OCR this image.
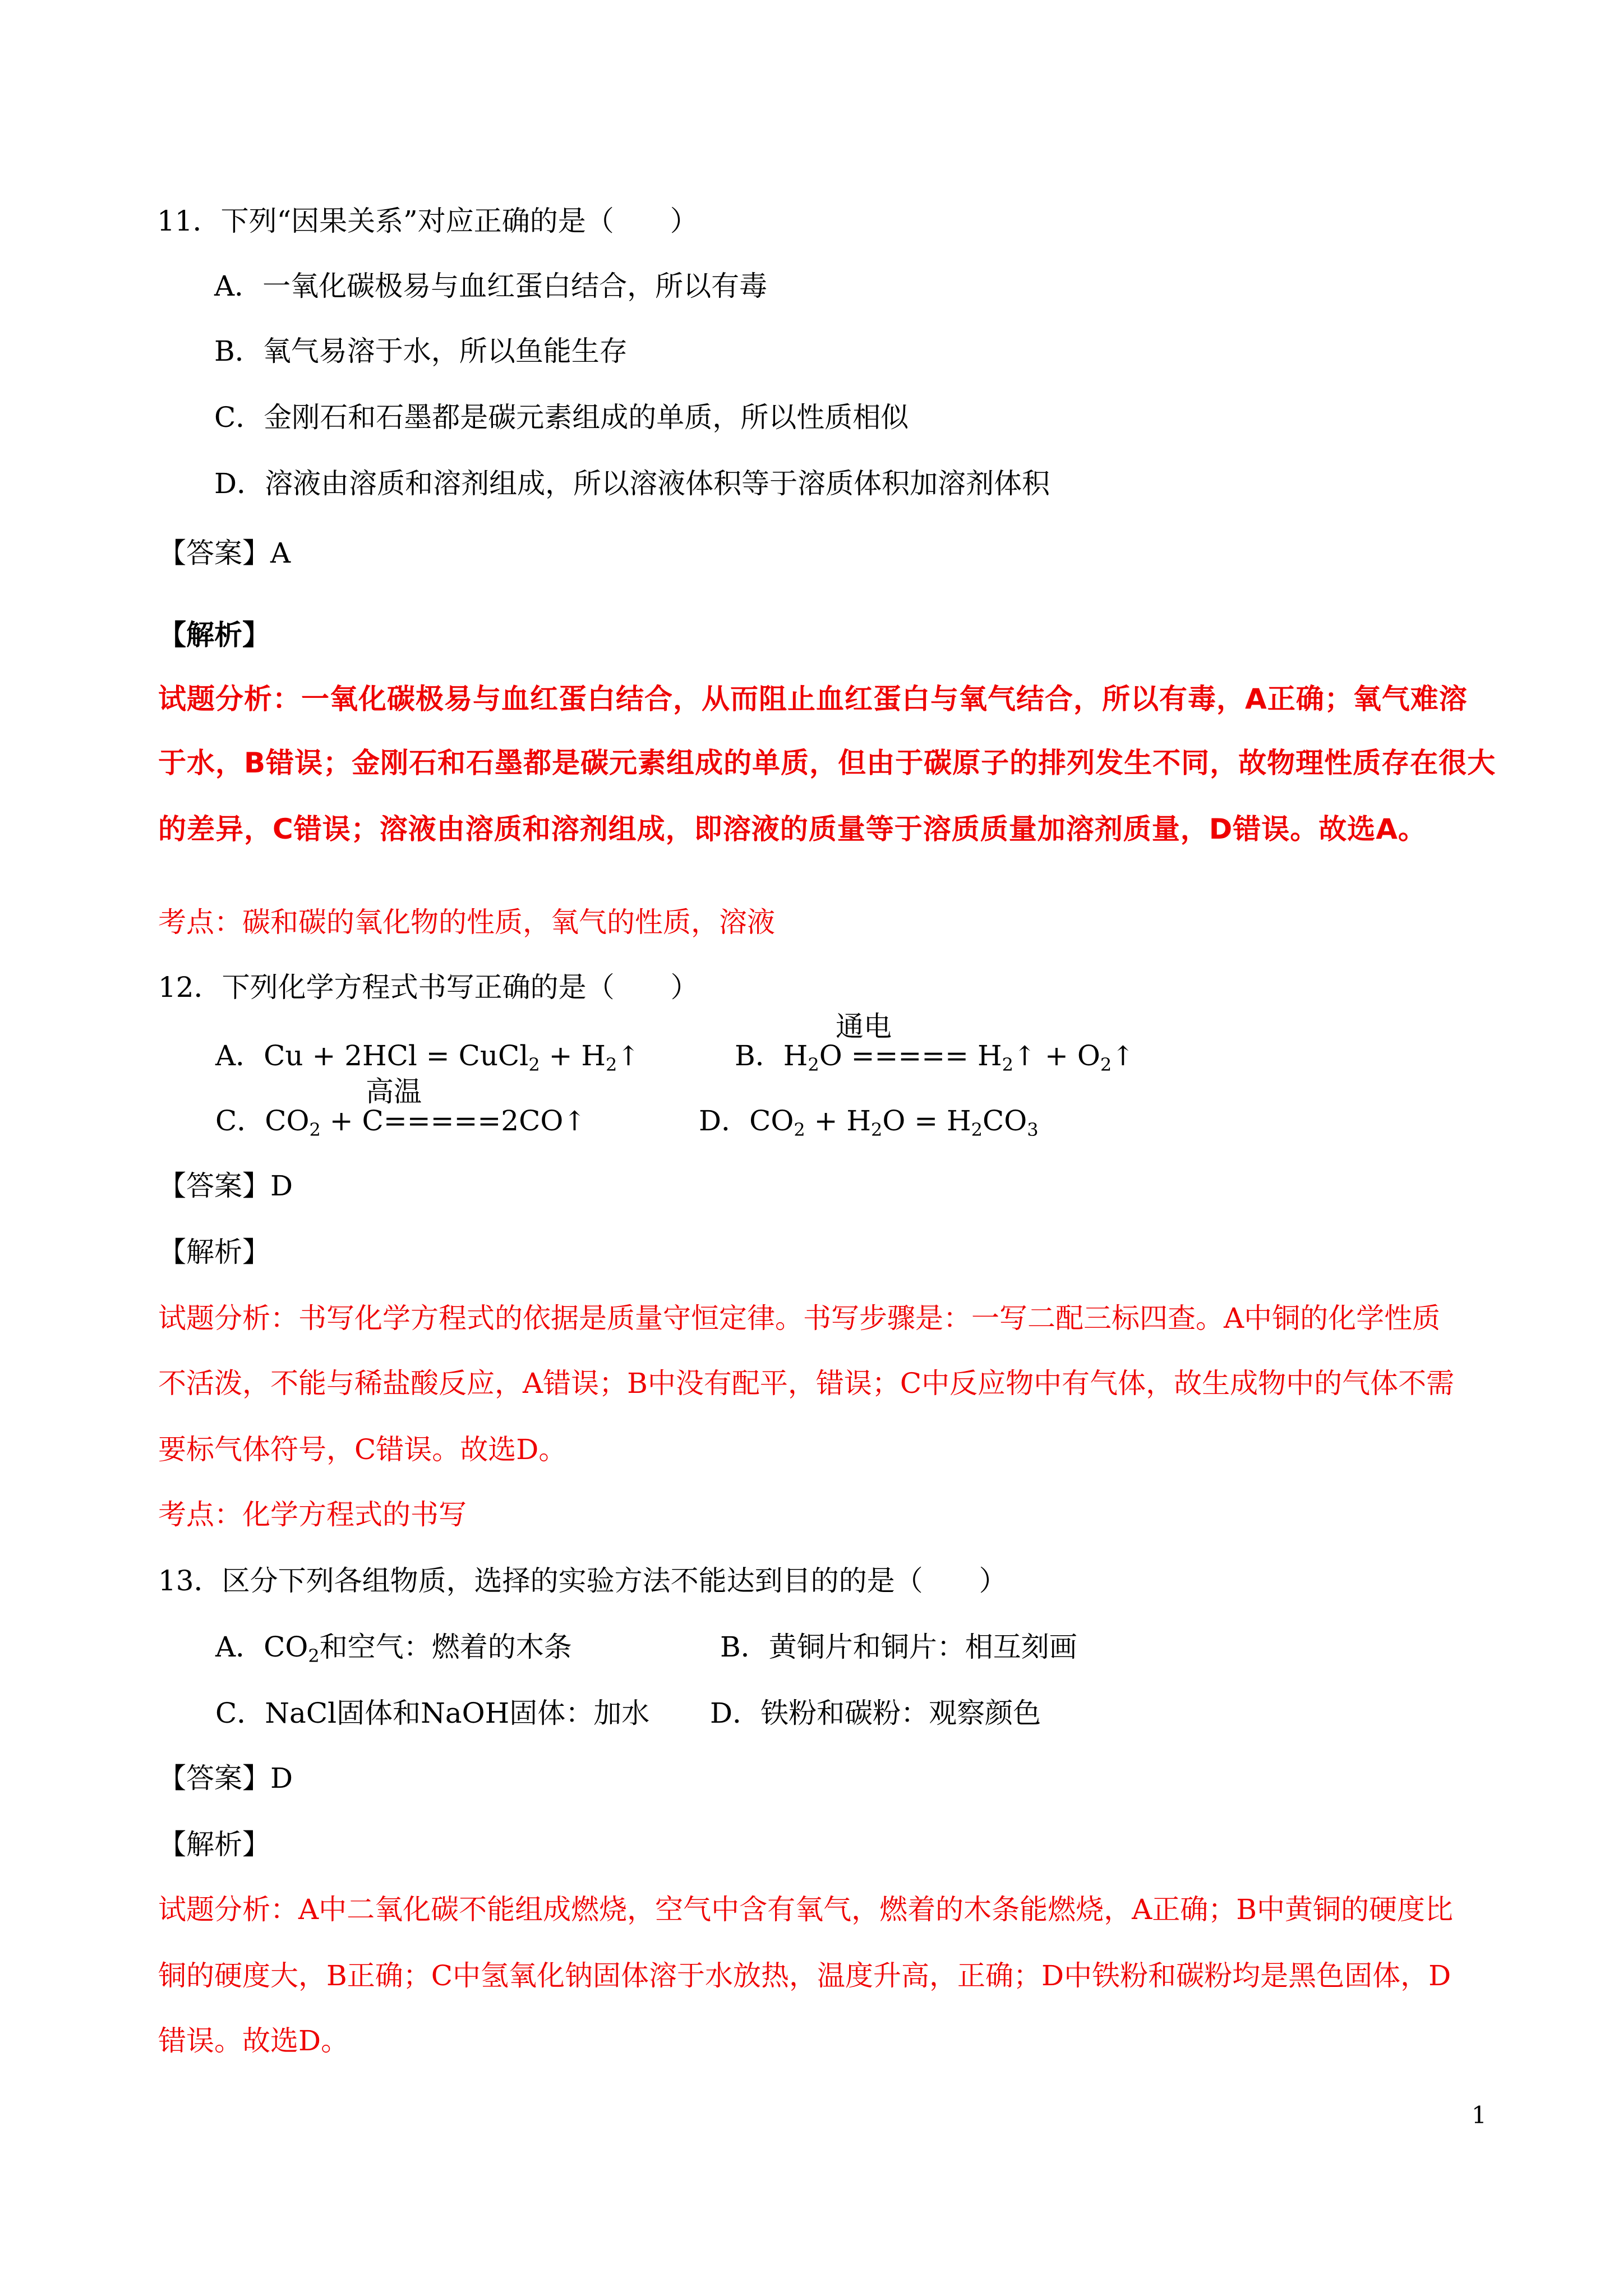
11．下列“因果关系”对应正确的是（　　）
A．一氧化碳极易与血红蛋白结合，所以有毒
B．氧气易溶于水，所以鱼能生存
C．金刚石和石墨都是碳元素组成的单质，所以性质相似
D．溶液由溶质和溶剂组成，所以溶液体积等于溶质体积加溶剂体积
【答案】A
【解析】
试题分析：一氧化碳极易与血红蛋白结合，从而阻止血红蛋白与氧气结合，所以有毒，A正确；氧气难溶
于水，B错误；金刚石和石墨都是碳元素组成的单质，但由于碳原子的排列发生不同，故物理性质存在很大
的差异，C错误；溶液由溶质和溶剂组成，即溶液的质量等于溶质质量加溶剂质量，D错误。故选A。
考点：碳和碳的氧化物的性质，氧气的性质，溶液
12．下列化学方程式书写正确的是（　　）
A．Cu + 2HCl = CuCl$_2$ + $H_2↑$
通电
B．$H_2O$ ===== $H_2↑$ + $O_2↑$
高温
C．$CO_2$ + C=====2CO↑	D．$CO_2 + H_2O = H_2CO_3$
【答案】D
【解析】
试题分析：书写化学方程式的依据是质量守恒定律。书写步骤是：一写二配三标四查。A中铜的化学性质
不活泼，不能与稀盐酸反应，A错误；B中没有配平，错误；C中反应物中有气体，故生成物中的气体不需
要标气体符号，C错误。故选D。
考点：化学方程式的书写
13．区分下列各组物质，选择的实验方法不能达到目的的是（　　）
A．$CO_2$和空气：燃着的木条	B．黄铜片和铜片：相互刻画
C．NaCl固体和NaOH固体：加水 D．铁粉和碳粉：观察颜色
【答案】D
【解析】
试题分析：A中二氧化碳不能组成燃烧，空气中含有氧气，燃着的木条能燃烧，A正确；B中黄铜的硬度比
铜的硬度大，B正确；C中氢氧化钠固体溶于水放热，温度升高，正确；D中铁粉和碳粉均是黑色固体，D
错误。故选D。
1
